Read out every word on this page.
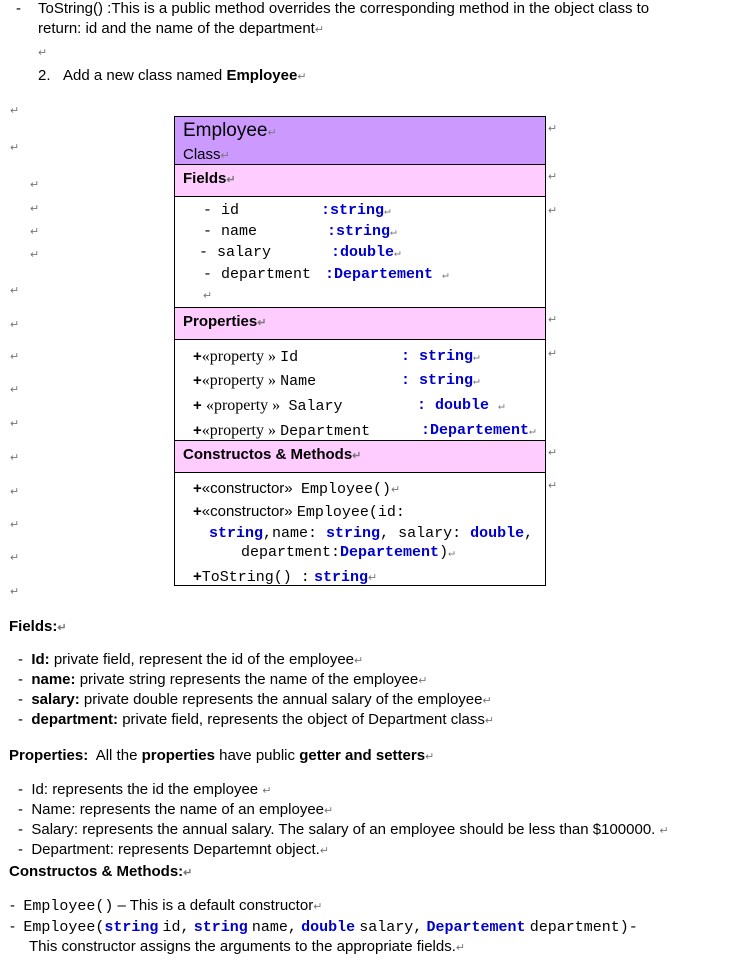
- ToString() :This is a public method overrides the corresponding method in the object class to
return: id and the name of the department↵
↵
2. Add a new class named Employee↵
↵
↵
↵
↵
↵
↵
↵
↵
↵
↵
↵
↵
↵
↵
↵
↵
↵
↵
↵
↵
↵
↵
↵
Employee↵
Class↵
Fields↵
- id	:string↵
- name	:string↵
- salary	:double↵
- department :Departement ↵
↵
Properties↵
+«property » Id	: string↵
+«property » Name	: string↵
+ «property » Salary	: double ↵
+«property » Department	:Departement↵
Constructos & Methods↵
+«constructor» Employee()↵
+«constructor» Employee(id:
string,name: string, salary: double,
department:Departement)↵
+ToString() : string↵
Fields:↵
-  Id: private field, represent the id of the employee↵
-  name: private string represents the name of the employee↵
-  salary: private double represents the annual salary of the employee↵
-  department: private field, represents the object of Department class↵
Properties: All the properties have public getter and setters↵
-  Id: represents the id the employee ↵
-  Name: represents the name of an employee↵
-  Salary: represents the annual salary. The salary of an employee should be less than $100000. ↵
-  Department: represents Departemnt object.↵
Constructos & Methods:↵
-  Employee() – This is a default constructor↵
-  Employee(string id, string name, double salary, Departement department)-
This constructor assigns the arguments to the appropriate fields.↵
